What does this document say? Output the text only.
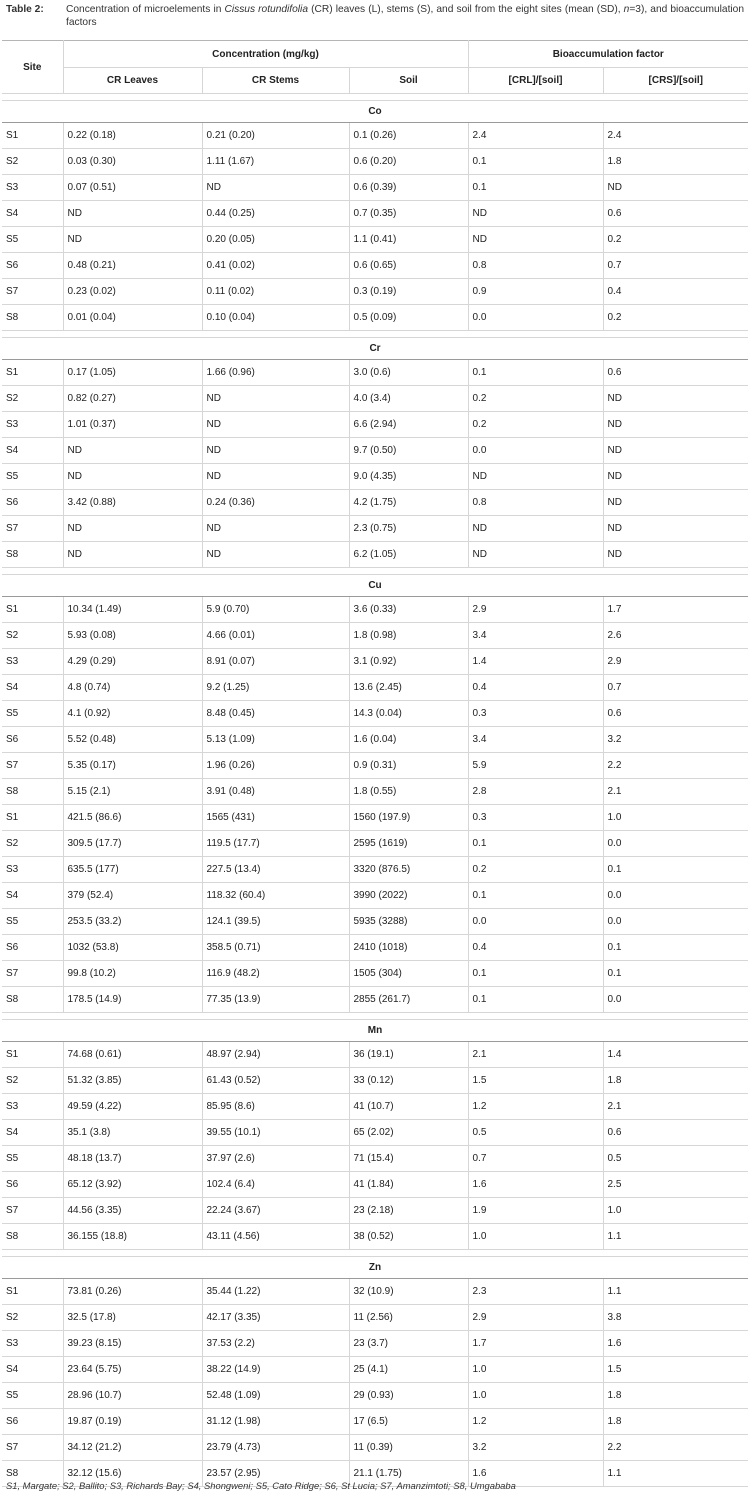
Table 2: Concentration of microelements in Cissus rotundifolia (CR) leaves (L), stems (S), and soil from the eight sites (mean (SD), n=3), and bioaccumulation factors
Site	Concentration (mg/kg)			Bioaccumulation factor	
	CR Leaves	CR Stems	Soil	[CRL]/[soil]	[CRS]/[soil]

Co					
S1	0.22 (0.18)	0.21 (0.20)	0.1 (0.26)	2.4	2.4
S2	0.03 (0.30)	1.11 (1.67)	0.6 (0.20)	0.1	1.8
S3	0.07 (0.51)	ND	0.6 (0.39)	0.1	ND
S4	ND	0.44 (0.25)	0.7 (0.35)	ND	0.6
S5	ND	0.20 (0.05)	1.1 (0.41)	ND	0.2
S6	0.48 (0.21)	0.41 (0.02)	0.6 (0.65)	0.8	0.7
S7	0.23 (0.02)	0.11 (0.02)	0.3 (0.19)	0.9	0.4
S8	0.01 (0.04)	0.10 (0.04)	0.5 (0.09)	0.0	0.2

Cr					
S1	0.17 (1.05)	1.66 (0.96)	3.0 (0.6)	0.1	0.6
S2	0.82 (0.27)	ND	4.0 (3.4)	0.2	ND
S3	1.01 (0.37)	ND	6.6 (2.94)	0.2	ND
S4	ND	ND	9.7 (0.50)	0.0	ND
S5	ND	ND	9.0 (4.35)	ND	ND
S6	3.42 (0.88)	0.24 (0.36)	4.2 (1.75)	0.8	ND
S7	ND	ND	2.3 (0.75)	ND	ND
S8	ND	ND	6.2 (1.05)	ND	ND

Cu					
S1	10.34 (1.49)	5.9 (0.70)	3.6 (0.33)	2.9	1.7
S2	5.93 (0.08)	4.66 (0.01)	1.8 (0.98)	3.4	2.6
S3	4.29 (0.29)	8.91 (0.07)	3.1 (0.92)	1.4	2.9
S4	4.8 (0.74)	9.2 (1.25)	13.6 (2.45)	0.4	0.7
S5	4.1 (0.92)	8.48 (0.45)	14.3 (0.04)	0.3	0.6
S6	5.52 (0.48)	5.13 (1.09)	1.6 (0.04)	3.4	3.2
S7	5.35 (0.17)	1.96 (0.26)	0.9 (0.31)	5.9	2.2
S8	5.15 (2.1)	3.91 (0.48)	1.8 (0.55)	2.8	2.1
S1	421.5 (86.6)	1565 (431)	1560 (197.9)	0.3	1.0
S2	309.5 (17.7)	119.5 (17.7)	2595 (1619)	0.1	0.0
S3	635.5 (177)	227.5 (13.4)	3320 (876.5)	0.2	0.1
S4	379 (52.4)	118.32 (60.4)	3990 (2022)	0.1	0.0
S5	253.5 (33.2)	124.1 (39.5)	5935 (3288)	0.0	0.0
S6	1032 (53.8)	358.5 (0.71)	2410 (1018)	0.4	0.1
S7	99.8 (10.2)	116.9 (48.2)	1505 (304)	0.1	0.1
S8	178.5 (14.9)	77.35 (13.9)	2855 (261.7)	0.1	0.0

Mn					
S1	74.68 (0.61)	48.97 (2.94)	36 (19.1)	2.1	1.4
S2	51.32 (3.85)	61.43 (0.52)	33 (0.12)	1.5	1.8
S3	49.59 (4.22)	85.95 (8.6)	41 (10.7)	1.2	2.1
S4	35.1 (3.8)	39.55 (10.1)	65 (2.02)	0.5	0.6
S5	48.18 (13.7)	37.97 (2.6)	71 (15.4)	0.7	0.5
S6	65.12 (3.92)	102.4 (6.4)	41 (1.84)	1.6	2.5
S7	44.56 (3.35)	22.24 (3.67)	23 (2.18)	1.9	1.0
S8	36.155 (18.8)	43.11 (4.56)	38 (0.52)	1.0	1.1

Zn					
S1	73.81 (0.26)	35.44 (1.22)	32 (10.9)	2.3	1.1
S2	32.5 (17.8)	42.17 (3.35)	11 (2.56)	2.9	3.8
S3	39.23 (8.15)	37.53 (2.2)	23 (3.7)	1.7	1.6
S4	23.64 (5.75)	38.22 (14.9)	25 (4.1)	1.0	1.5
S5	28.96 (10.7)	52.48 (1.09)	29 (0.93)	1.0	1.8
S6	19.87 (0.19)	31.12 (1.98)	17 (6.5)	1.2	1.8
S7	34.12 (21.2)	23.79 (4.73)	11 (0.39)	3.2	2.2
S8	32.12 (15.6)	23.57 (2.95)	21.1 (1.75)	1.6	1.1
S1, Margate; S2, Ballito; S3, Richards Bay; S4, Shongweni; S5, Cato Ridge; S6, St Lucia; S7, Amanzimtoti; S8, Umgababa
